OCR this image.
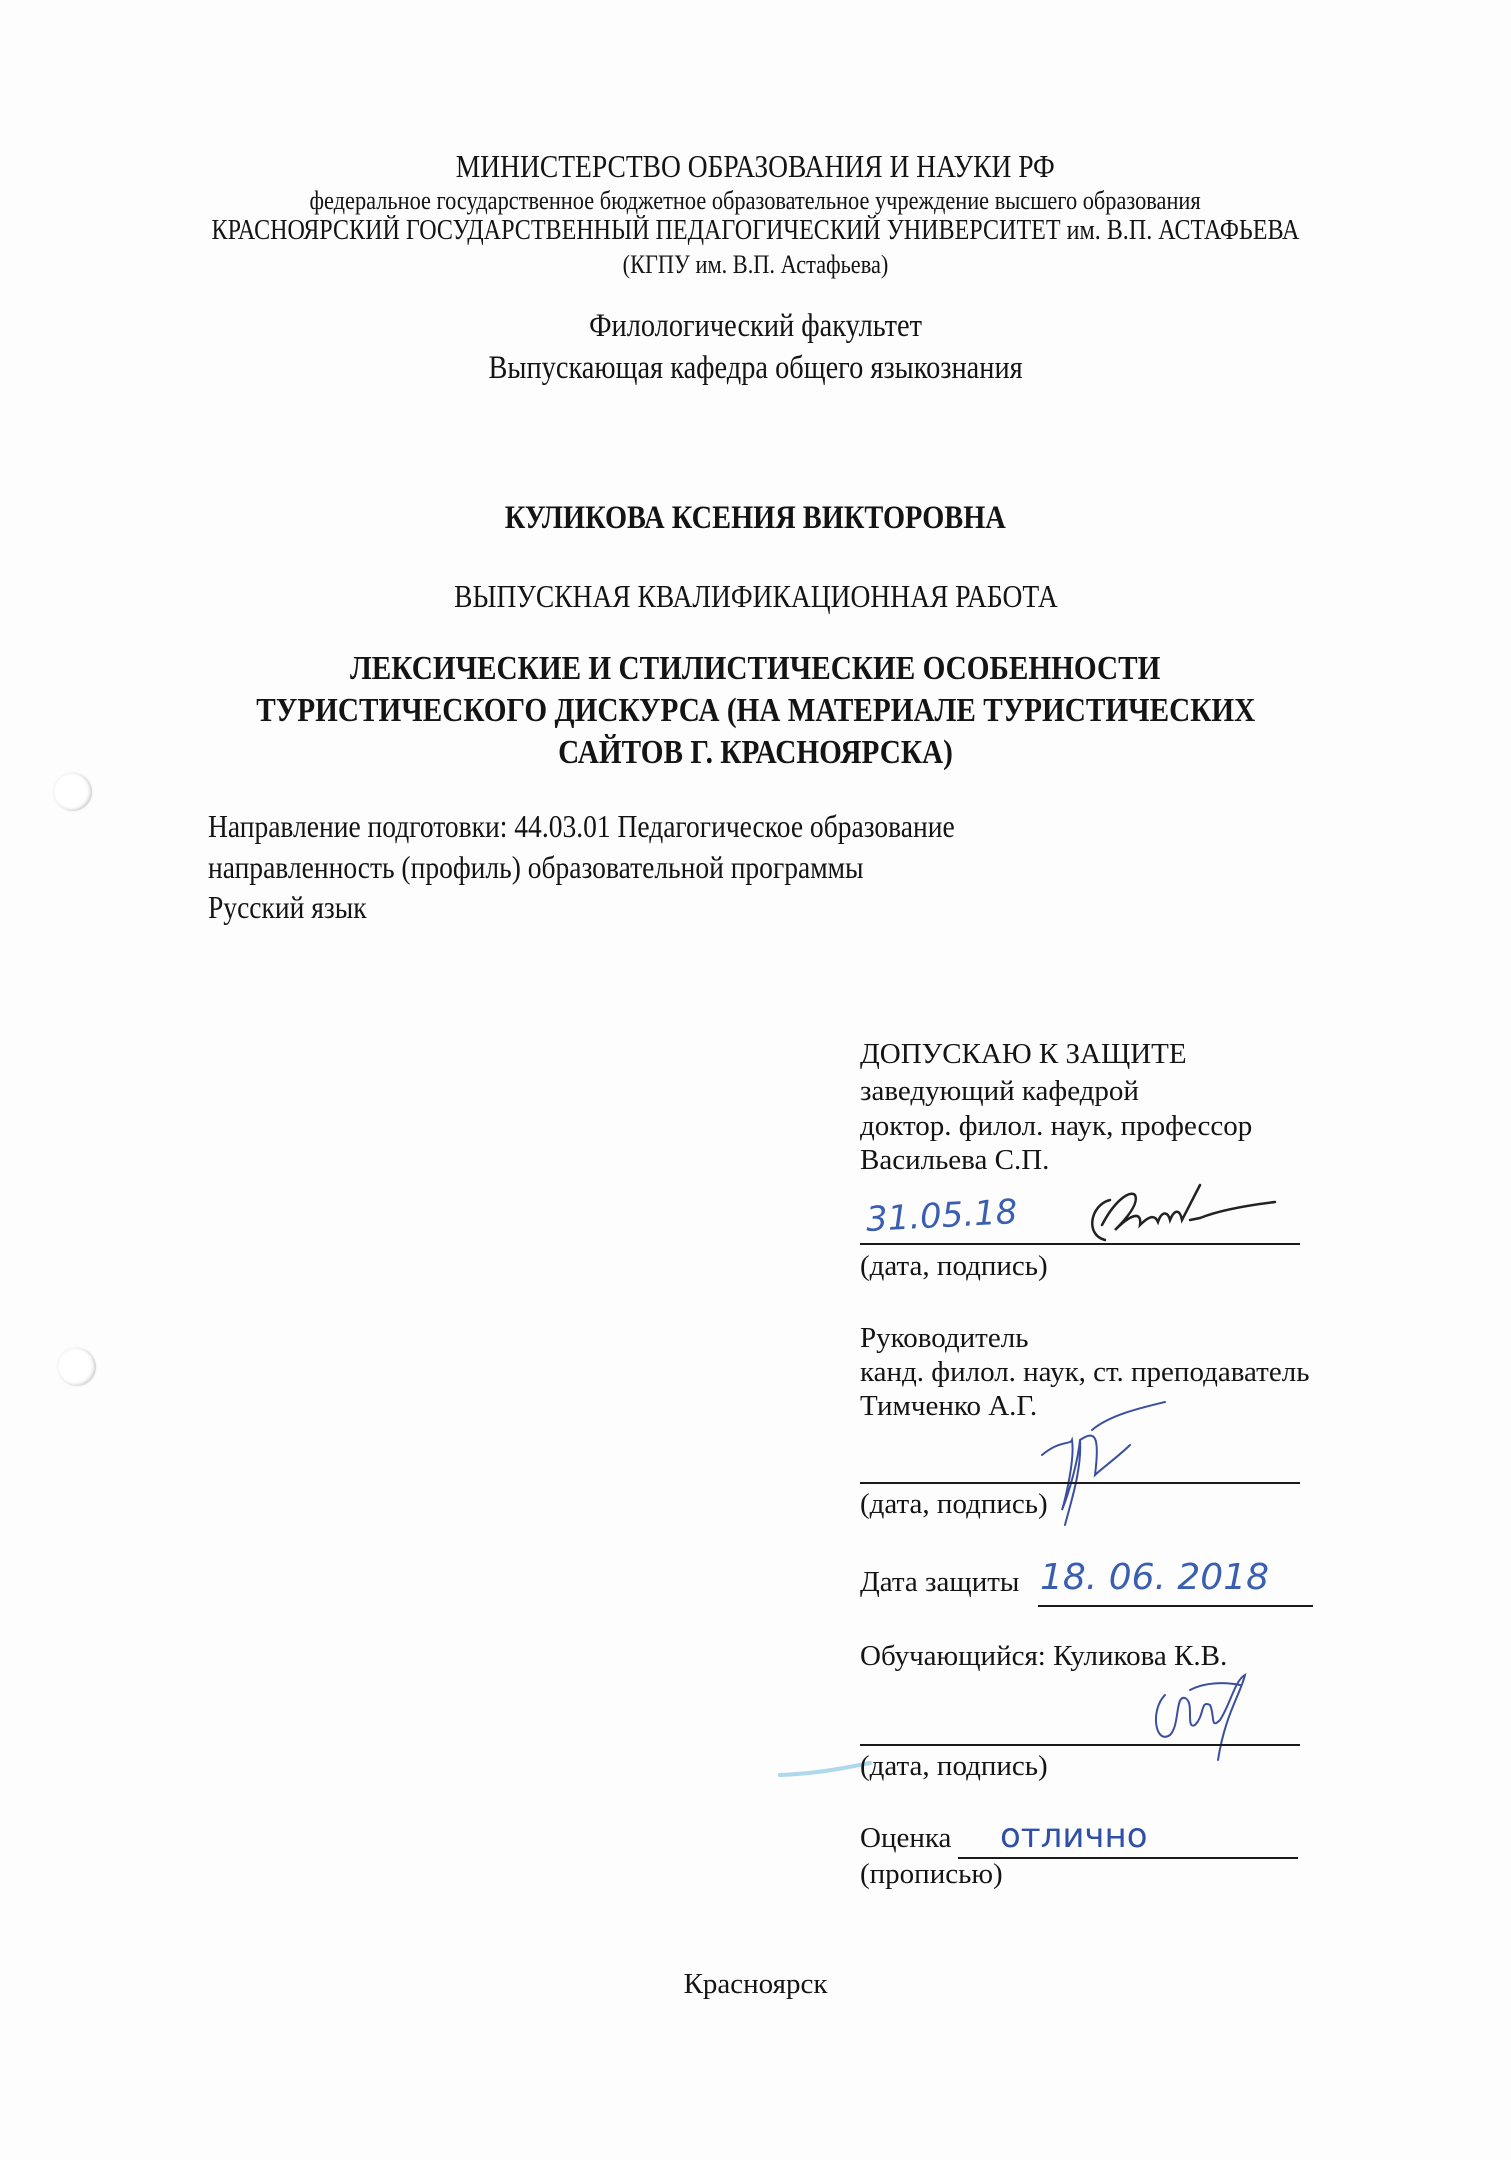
МИНИСТЕРСТВО ОБРАЗОВАНИЯ И НАУКИ РФ
федеральное государственное бюджетное образовательное учреждение высшего образования
КРАСНОЯРСКИЙ ГОСУДАРСТВЕННЫЙ ПЕДАГОГИЧЕСКИЙ УНИВЕРСИТЕТ им. В.П. АСТАФЬЕВА
(КГПУ им. В.П. Астафьева)
Филологический факультет
Выпускающая кафедра общего языкознания
КУЛИКОВА КСЕНИЯ ВИКТОРОВНА
ВЫПУСКНАЯ КВАЛИФИКАЦИОННАЯ РАБОТА
ЛЕКСИЧЕСКИЕ И СТИЛИСТИЧЕСКИЕ ОСОБЕННОСТИ
ТУРИСТИЧЕСКОГО ДИСКУРСА (НА МАТЕРИАЛЕ ТУРИСТИЧЕСКИХ
САЙТОВ Г. КРАСНОЯРСКА)
Направление подготовки: 44.03.01 Педагогическое образование
направленность (профиль) образовательной программы
Русский язык
ДОПУСКАЮ К ЗАЩИТЕ
заведующий кафедрой
доктор. филол. наук, профессор
Васильева С.П.
31.05.18
(дата, подпись)
Руководитель
канд. филол. наук, ст. преподаватель
Тимченко А.Г.
(дата, подпись)
Дата защиты 18. 06. 2018
Обучающийся: Куликова К.В.
(дата, подпись)
Оценка отлично
(прописью)
Красноярск
